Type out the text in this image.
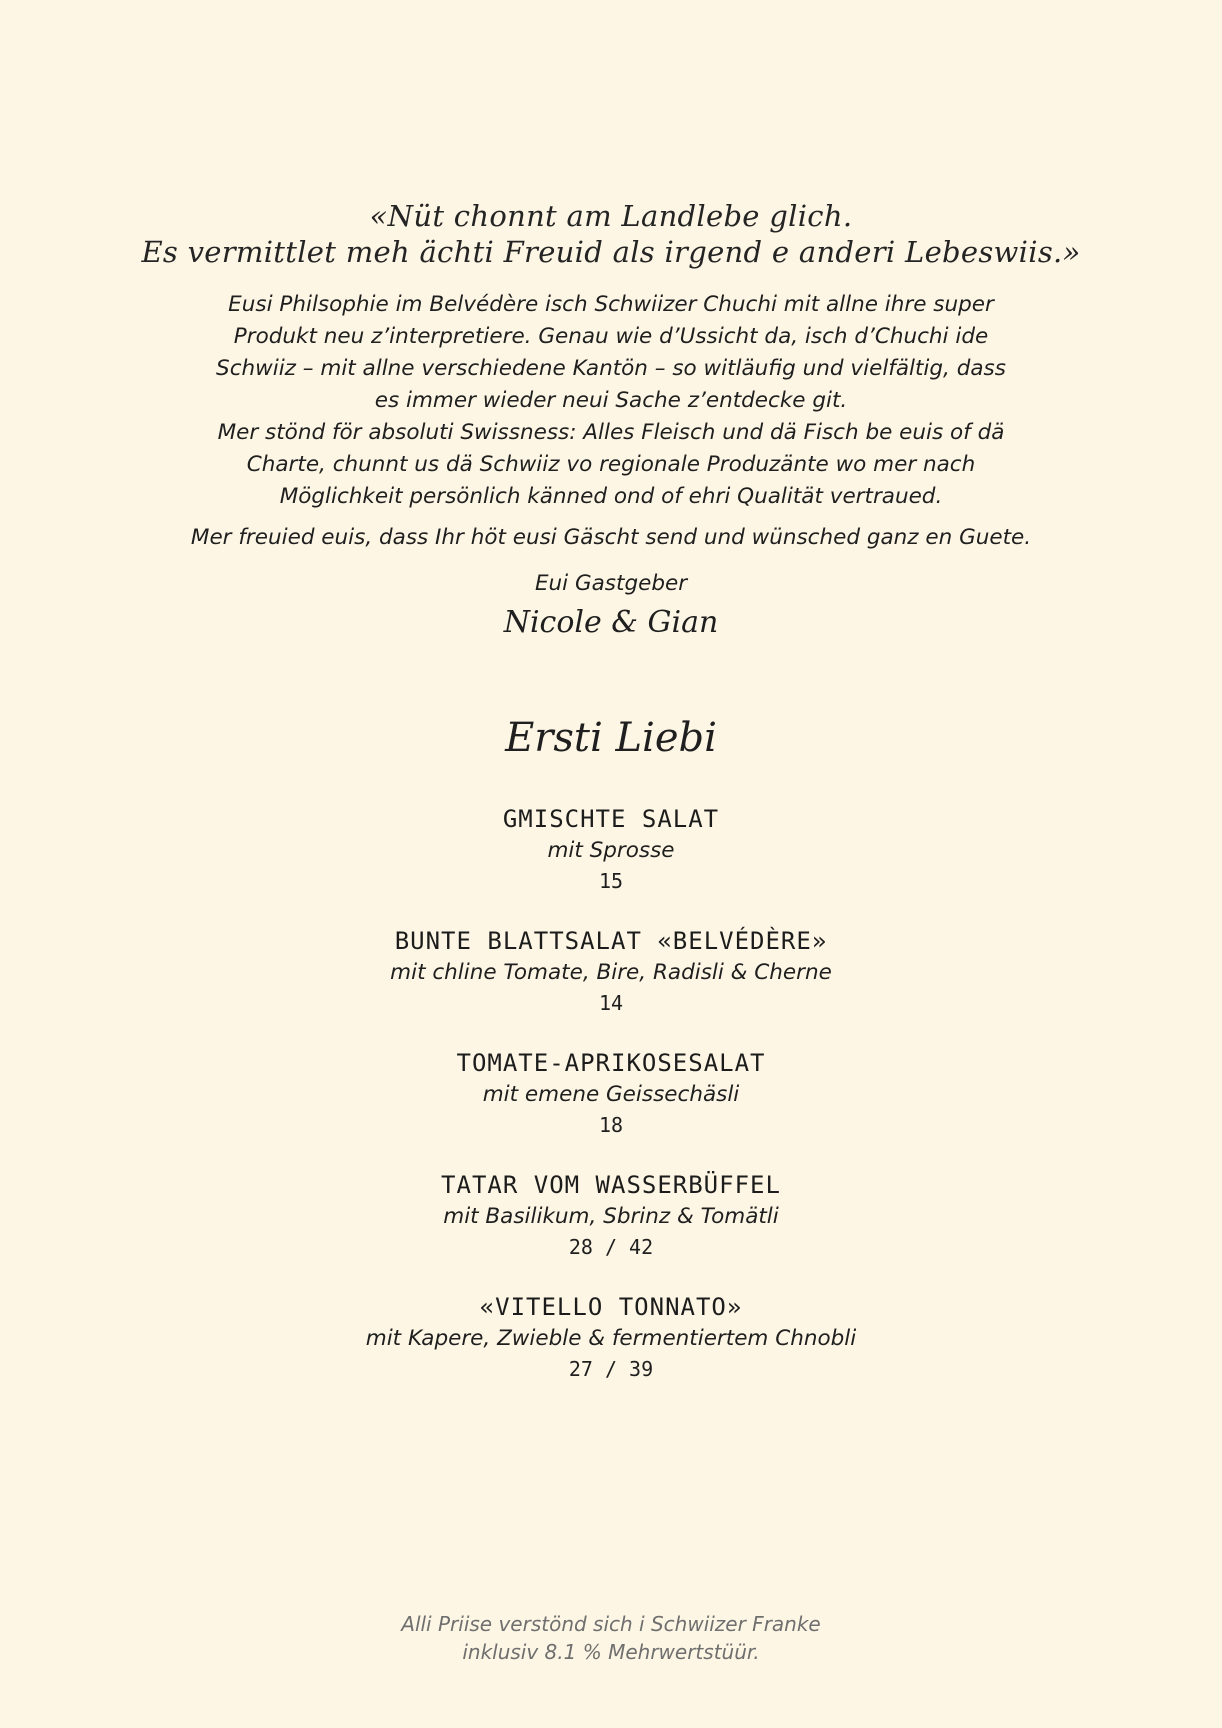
«Nüt chonnt am Landlebe glich.
Es vermittlet meh ächti Freuid als irgend e anderi Lebeswiis.»
Eusi Philsophie im Belvédère isch Schwiizer Chuchi mit allne ihre super
Produkt neu z’interpretiere. Genau wie d’Ussicht da, isch d’Chuchi ide
Schwiiz – mit allne verschiedene Kantön – so witläufig und vielfältig, dass
es immer wieder neui Sache z’entdecke git.
Mer stönd för absoluti Swissness: Alles Fleisch und dä Fisch be euis of dä
Charte, chunnt us dä Schwiiz vo regionale Produzänte wo mer nach
Möglichkeit persönlich känned ond of ehri Qualität vertraued.
Mer freuied euis, dass Ihr höt eusi Gäscht send und wünsched ganz en Guete.
Eui Gastgeber
Nicole & Gian
Ersti Liebi
GMISCHTE SALAT
mit Sprosse
15
BUNTE BLATTSALAT «BELVÉDÈRE»
mit chline Tomate, Bire, Radisli & Cherne
14
TOMATE-APRIKOSESALAT
mit emene Geissechäsli
18
TATAR VOM WASSERBÜFFEL
mit Basilikum, Sbrinz & Tomätli
28 / 42
«VITELLO TONNATO»
mit Kapere, Zwieble & fermentiertem Chnobli
27 / 39
Alli Priise verstönd sich i Schwiizer Franke
inklusiv 8.1 % Mehrwertstüür.
